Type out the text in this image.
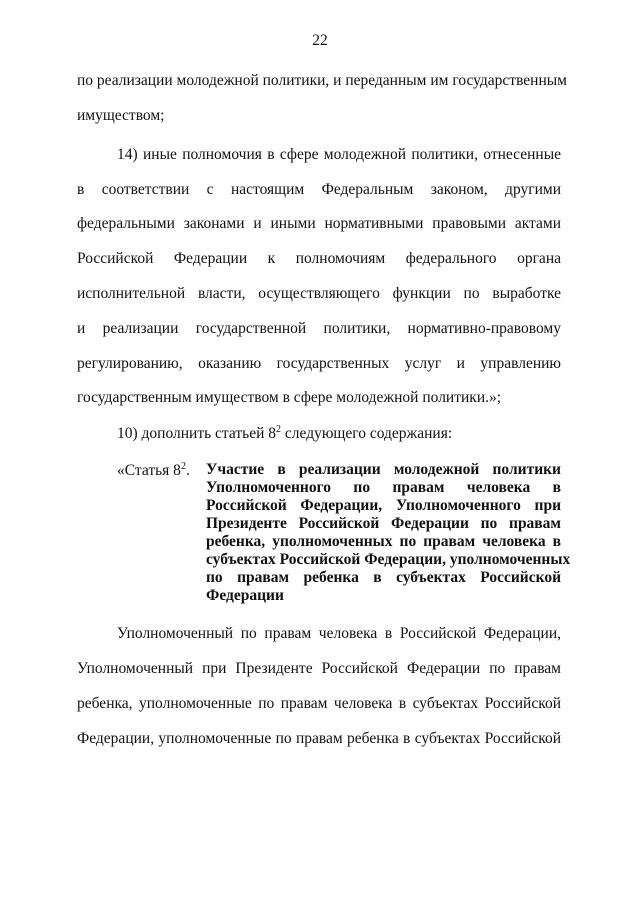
22
по реализации молодежной политики, и переданным им государственным
имуществом;
14) иные полномочия в сфере молодежной политики, отнесенные
в соответствии с настоящим Федеральным законом, другими
федеральными законами и иными нормативными правовыми актами
Российской Федерации к полномочиям федерального органа
исполнительной власти, осуществляющего функции по выработке
и реализации государственной политики, нормативно-правовому
регулированию, оказанию государственных услуг и управлению
государственным имуществом в сфере молодежной политики.»;
10) дополнить статьей $8^2$ следующего содержания:
«Статья $8^2$. Участие в реализации молодежной политики
Уполномоченного по правам человека в
Российской Федерации, Уполномоченного при
Президенте Российской Федерации по правам
ребенка, уполномоченных по правам человека в
субъектах Российской Федерации, уполномоченных
по правам ребенка в субъектах Российской
Федерации
Уполномоченный по правам человека в Российской Федерации,
Уполномоченный при Президенте Российской Федерации по правам
ребенка, уполномоченные по правам человека в субъектах Российской
Федерации, уполномоченные по правам ребенка в субъектах Российской
